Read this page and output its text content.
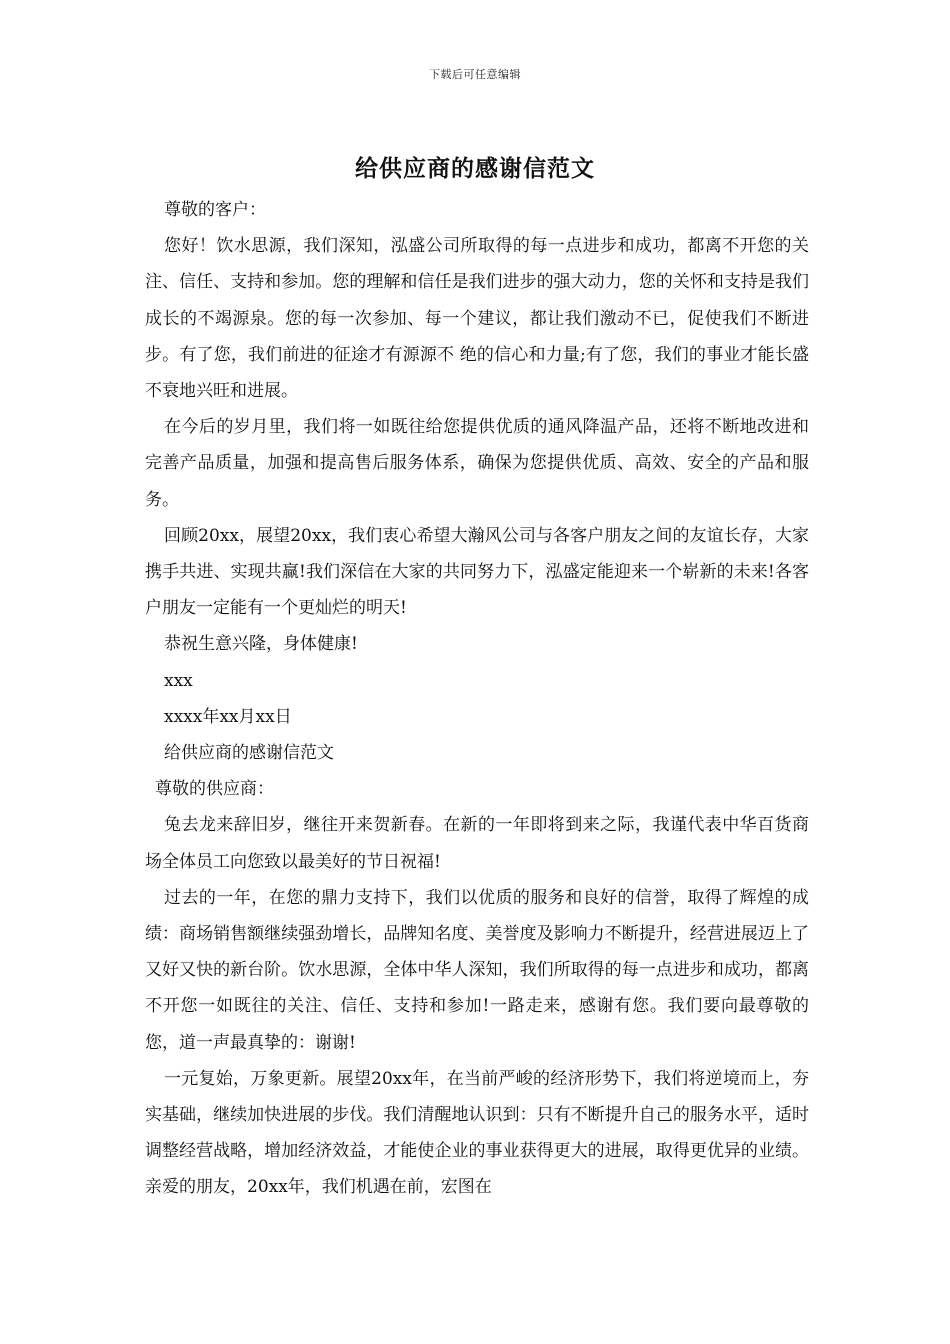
下载后可任意编辑
给供应商的感谢信范文

尊敬的客户：

您好！饮水思源，我们深知，泓盛公司所取得的每一点进步和成功，都离不开您的关注、信任、支持和参加。您的理解和信任是我们进步的强大动力，您的关怀和支持是我们成长的不竭源泉。您的每一次参加、每一个建议，都让我们激动不已，促使我们不断进步。有了您，我们前进的征途才有源源不 绝的信心和力量;有了您，我们的事业才能长盛不衰地兴旺和进展。

在今后的岁月里，我们将一如既往给您提供优质的通风降温产品，还将不断地改进和完善产品质量，加强和提高售后服务体系，确保为您提供优质、高效、安全的产品和服务。

回顾20xx，展望20xx，我们衷心希望大瀚风公司与各客户朋友之间的友谊长存，大家携手共进、实现共赢!我们深信在大家的共同努力下，泓盛定能迎来一个崭新的未来!各客户朋友一定能有一个更灿烂的明天!

恭祝生意兴隆，身体健康!

xxx

xxxx年xx月xx日

给供应商的感谢信范文

尊敬的供应商：

兔去龙来辞旧岁，继往开来贺新春。在新的一年即将到来之际，我谨代表中华百货商场全体员工向您致以最美好的节日祝福!

过去的一年，在您的鼎力支持下，我们以优质的服务和良好的信誉，取得了辉煌的成绩：商场销售额继续强劲增长，品牌知名度、美誉度及影响力不断提升，经营进展迈上了又好又快的新台阶。饮水思源，全体中华人深知，我们所取得的每一点进步和成功，都离不开您一如既往的关注、信任、支持和参加!一路走来，感谢有您。我们要向最尊敬的您，道一声最真挚的：谢谢!

一元复始，万象更新。展望20xx年，在当前严峻的经济形势下，我们将逆境而上，夯实基础，继续加快进展的步伐。我们清醒地认识到：只有不断提升自己的服务水平，适时调整经营战略，增加经济效益，才能使企业的事业获得更大的进展，取得更优异的业绩。亲爱的朋友，20xx年，我们机遇在前，宏图在
